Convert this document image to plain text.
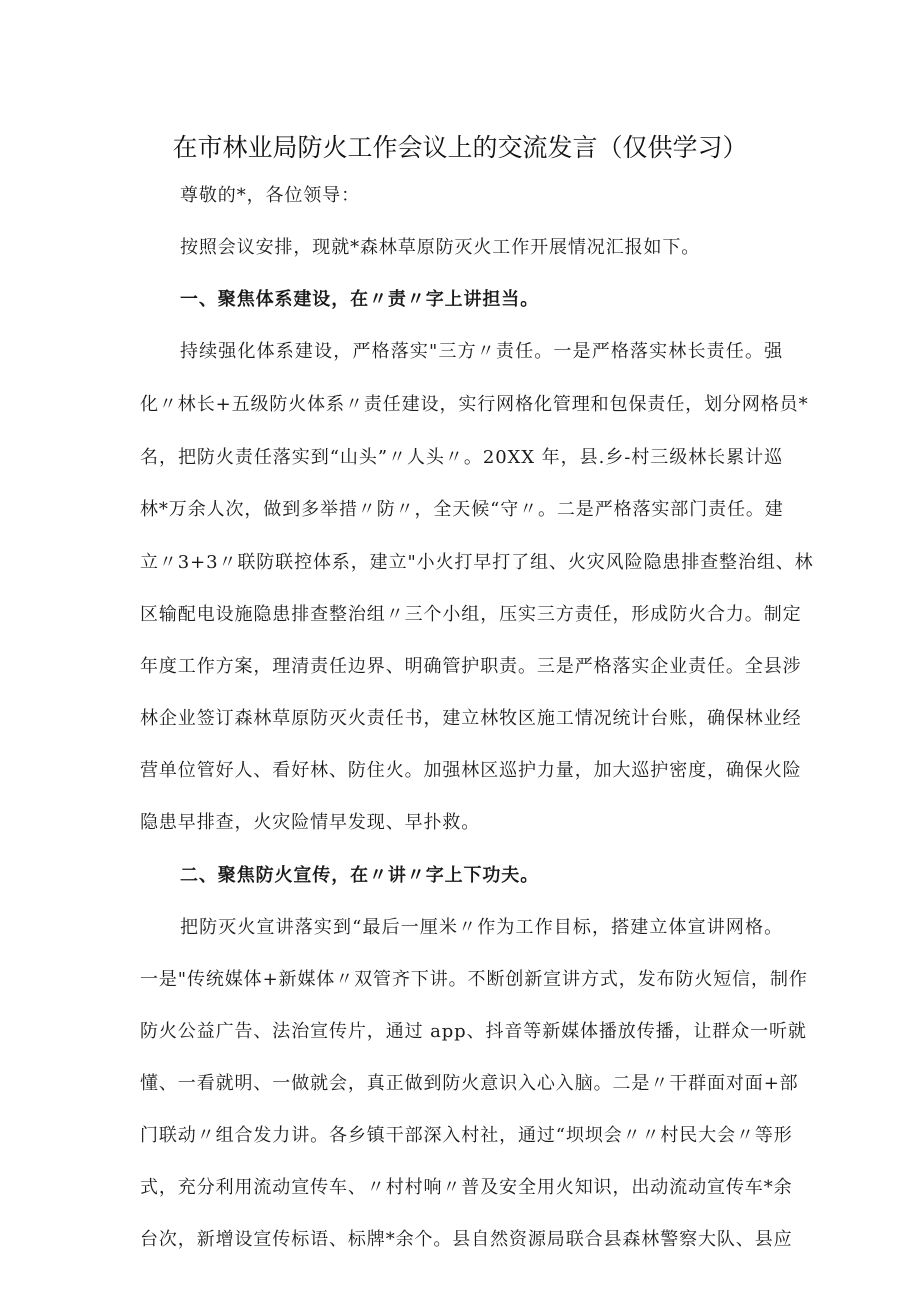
在市林业局防火工作会议上的交流发言（仅供学习）
尊敬的*，各位领导：
按照会议安排，现就*森林草原防灭火工作开展情况汇报如下。
一、聚焦体系建设，在〃责〃字上讲担当。
持续强化体系建设，严格落实"三方〃责任。一是严格落实林长责任。强
化〃林长+五级防火体系〃责任建设，实行网格化管理和包保责任，划分网格员*
名，把防火责任落实到“山头”〃人头〃。20XX 年，县.乡-村三级林长累计巡
林*万余人次，做到多举措〃防〃，全天候“守〃。二是严格落实部门责任。建
立〃3+3〃联防联控体系，建立"小火打早打了组、火灾风险隐患排查整治组、林
区输配电设施隐患排查整治组〃三个小组，压实三方责任，形成防火合力。制定
年度工作方案，理清责任边界、明确管护职责。三是严格落实企业责任。全县涉
林企业签订森林草原防灭火责任书，建立林牧区施工情况统计台账，确保林业经
营单位管好人、看好林、防住火。加强林区巡护力量，加大巡护密度，确保火险
隐患早排查，火灾险情早发现、早扑救。
二、聚焦防火宣传，在〃讲〃字上下功夫。
把防灭火宣讲落实到“最后一厘米〃作为工作目标，搭建立体宣讲网格。
一是"传统媒体+新媒体〃双管齐下讲。不断创新宣讲方式，发布防火短信，制作
防火公益广告、法治宣传片，通过 app、抖音等新媒体播放传播，让群众一听就
懂、一看就明、一做就会，真正做到防火意识入心入脑。二是〃干群面对面+部
门联动〃组合发力讲。各乡镇干部深入村社，通过“坝坝会〃〃村民大会〃等形
式，充分利用流动宣传车、〃村村响〃普及安全用火知识，出动流动宣传车*余
台次，新增设宣传标语、标牌*余个。县自然资源局联合县森林警察大队、县应
